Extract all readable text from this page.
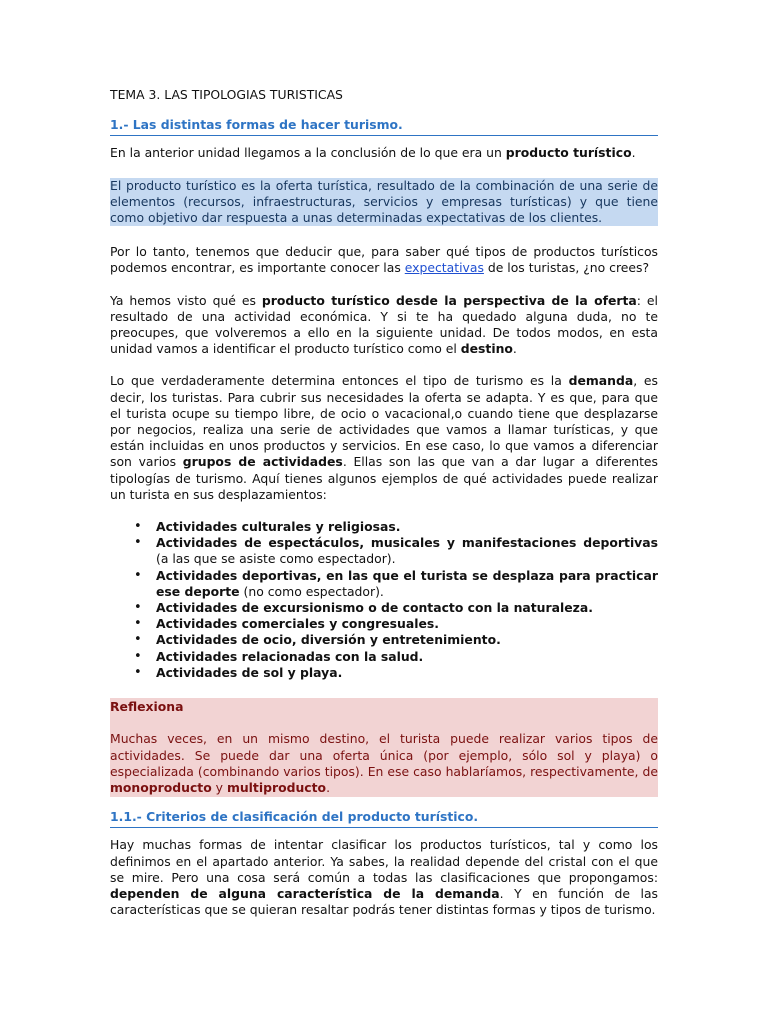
TEMA 3. LAS TIPOLOGIAS TURISTICAS

1.- Las distintas formas de hacer turismo.

En la anterior unidad llegamos a la conclusión de lo que era un producto turístico.

El producto turístico es la oferta turística, resultado de la combinación de una serie de elementos (recursos, infraestructuras, servicios y empresas turísticas) y que tiene como objetivo dar respuesta a unas determinadas expectativas de los clientes.

Por lo tanto, tenemos que deducir que, para saber qué tipos de productos turísticos podemos encontrar, es importante conocer las expectativas de los turistas, ¿no crees?

Ya hemos visto qué es producto turístico desde la perspectiva de la oferta: el resultado de una actividad económica. Y si te ha quedado alguna duda, no te preocupes, que volveremos a ello en la siguiente unidad. De todos modos, en esta unidad vamos a identificar el producto turístico como el destino.

Lo que verdaderamente determina entonces el tipo de turismo es la demanda, es decir, los turistas. Para cubrir sus necesidades la oferta se adapta. Y es que, para que el turista ocupe su tiempo libre, de ocio o vacacional,o cuando tiene que desplazarse por negocios, realiza una serie de actividades que vamos a llamar turísticas, y que están incluidas en unos productos y servicios. En ese caso, lo que vamos a diferenciar son varios grupos de actividades. Ellas son las que van a dar lugar a diferentes tipologías de turismo. Aquí tienes algunos ejemplos de qué actividades puede realizar un turista en sus desplazamientos:

• Actividades culturales y religiosas.
• Actividades de espectáculos, musicales y manifestaciones deportivas (a las que se asiste como espectador).
• Actividades deportivas, en las que el turista se desplaza para practicar ese deporte (no como espectador).
• Actividades de excursionismo o de contacto con la naturaleza.
• Actividades comerciales y congresuales.
• Actividades de ocio, diversión y entretenimiento.
• Actividades relacionadas con la salud.
• Actividades de sol y playa.

Reflexiona

Muchas veces, en un mismo destino, el turista puede realizar varios tipos de actividades. Se puede dar una oferta única (por ejemplo, sólo sol y playa) o especializada (combinando varios tipos). En ese caso hablaríamos, respectivamente, de monoproducto y multiproducto.

1.1.- Criterios de clasificación del producto turístico.

Hay muchas formas de intentar clasificar los productos turísticos, tal y como los definimos en el apartado anterior. Ya sabes, la realidad depende del cristal con el que se mire. Pero una cosa será común a todas las clasificaciones que propongamos: dependen de alguna característica de la demanda. Y en función de las características que se quieran resaltar podrás tener distintas formas y tipos de turismo.
